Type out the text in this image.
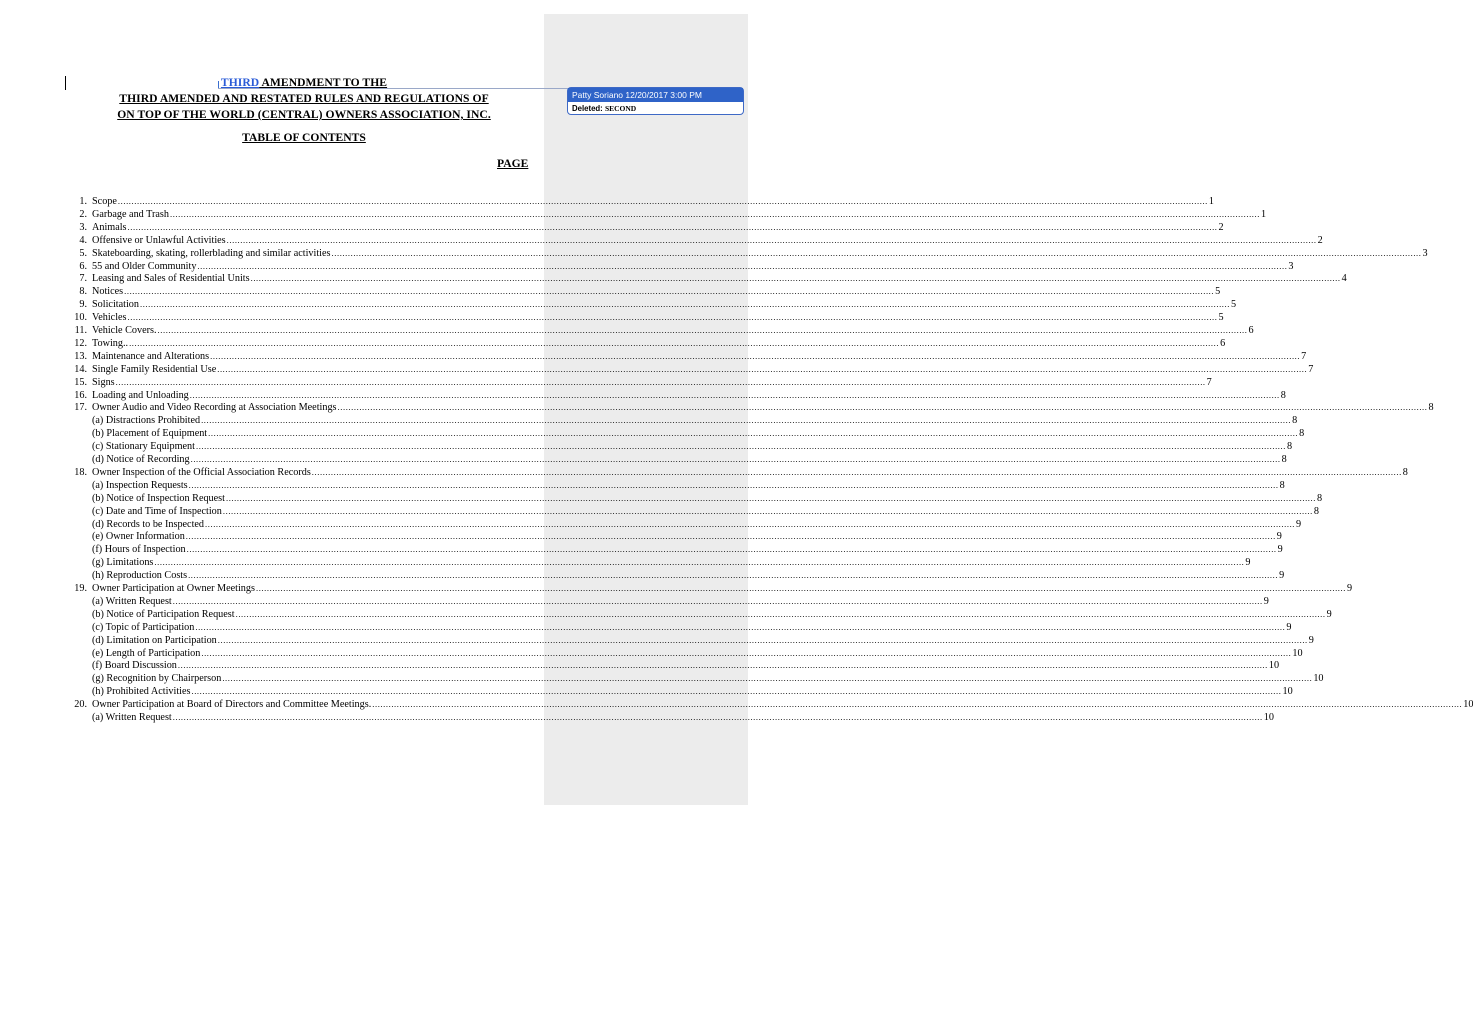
Patty Soriano 12/20/2017 3:00 PM
Deleted: SECOND
THIRD AMENDMENT TO THE
THIRD AMENDED AND RESTATED RULES AND REGULATIONS OF
ON TOP OF THE WORLD (CENTRAL) OWNERS ASSOCIATION, INC.
TABLE OF CONTENTS
PAGE
1. Scope ................................................................................................................................................................................................................................................................................................................................................................................................................ 1
2. Garbage and Trash ................................................................................................................................................................................................................................................................................................................................................................................................................ 1
3. Animals ................................................................................................................................................................................................................................................................................................................................................................................................................ 2
4. Offensive or Unlawful Activities ................................................................................................................................................................................................................................................................................................................................................................................................................ 2
5. Skateboarding, skating, rollerblading and similar activities ................................................................................................................................................................................................................................................................................................................................................................................................................ 3
6. 55 and Older Community ................................................................................................................................................................................................................................................................................................................................................................................................................ 3
7. Leasing and Sales of Residential Units ................................................................................................................................................................................................................................................................................................................................................................................................................ 4
8. Notices ................................................................................................................................................................................................................................................................................................................................................................................................................ 5
9. Solicitation ................................................................................................................................................................................................................................................................................................................................................................................................................ 5
10. Vehicles ................................................................................................................................................................................................................................................................................................................................................................................................................ 5
11. Vehicle Covers. ................................................................................................................................................................................................................................................................................................................................................................................................................ 6
12. Towing.. ................................................................................................................................................................................................................................................................................................................................................................................................................ 6
13. Maintenance and Alterations ................................................................................................................................................................................................................................................................................................................................................................................................................ 7
14. Single Family Residential Use ................................................................................................................................................................................................................................................................................................................................................................................................................ 7
15. Signs ................................................................................................................................................................................................................................................................................................................................................................................................................ 7
16. Loading and Unloading ................................................................................................................................................................................................................................................................................................................................................................................................................ 8
17. Owner Audio and Video Recording at Association Meetings ................................................................................................................................................................................................................................................................................................................................................................................................................ 8
(a) Distractions Prohibited ................................................................................................................................................................................................................................................................................................................................................................................................................ 8
(b) Placement of Equipment ................................................................................................................................................................................................................................................................................................................................................................................................................ 8
(c) Stationary Equipment ................................................................................................................................................................................................................................................................................................................................................................................................................ 8
(d) Notice of Recording ................................................................................................................................................................................................................................................................................................................................................................................................................ 8
18. Owner Inspection of the Official Association Records ................................................................................................................................................................................................................................................................................................................................................................................................................ 8
(a) Inspection Requests ................................................................................................................................................................................................................................................................................................................................................................................................................ 8
(b) Notice of Inspection Request ................................................................................................................................................................................................................................................................................................................................................................................................................ 8
(c) Date and Time of Inspection ................................................................................................................................................................................................................................................................................................................................................................................................................ 8
(d) Records to be Inspected ................................................................................................................................................................................................................................................................................................................................................................................................................ 9
(e) Owner Information ................................................................................................................................................................................................................................................................................................................................................................................................................ 9
(f) Hours of Inspection ................................................................................................................................................................................................................................................................................................................................................................................................................ 9
(g) Limitations ................................................................................................................................................................................................................................................................................................................................................................................................................ 9
(h) Reproduction Costs ................................................................................................................................................................................................................................................................................................................................................................................................................ 9
19. Owner Participation at Owner Meetings ................................................................................................................................................................................................................................................................................................................................................................................................................ 9
(a) Written Request ................................................................................................................................................................................................................................................................................................................................................................................................................ 9
(b) Notice of Participation Request ................................................................................................................................................................................................................................................................................................................................................................................................................ 9
(c) Topic of Participation ................................................................................................................................................................................................................................................................................................................................................................................................................ 9
(d) Limitation on Participation ................................................................................................................................................................................................................................................................................................................................................................................................................ 9
(e) Length of Participation ................................................................................................................................................................................................................................................................................................................................................................................................................ 10
(f) Board Discussion ................................................................................................................................................................................................................................................................................................................................................................................................................ 10
(g) Recognition by Chairperson ................................................................................................................................................................................................................................................................................................................................................................................................................ 10
(h) Prohibited Activities ................................................................................................................................................................................................................................................................................................................................................................................................................ 10
20. Owner Participation at Board of Directors and Committee Meetings. ................................................................................................................................................................................................................................................................................................................................................................................................................ 10
(a) Written Request ................................................................................................................................................................................................................................................................................................................................................................................................................ 10
